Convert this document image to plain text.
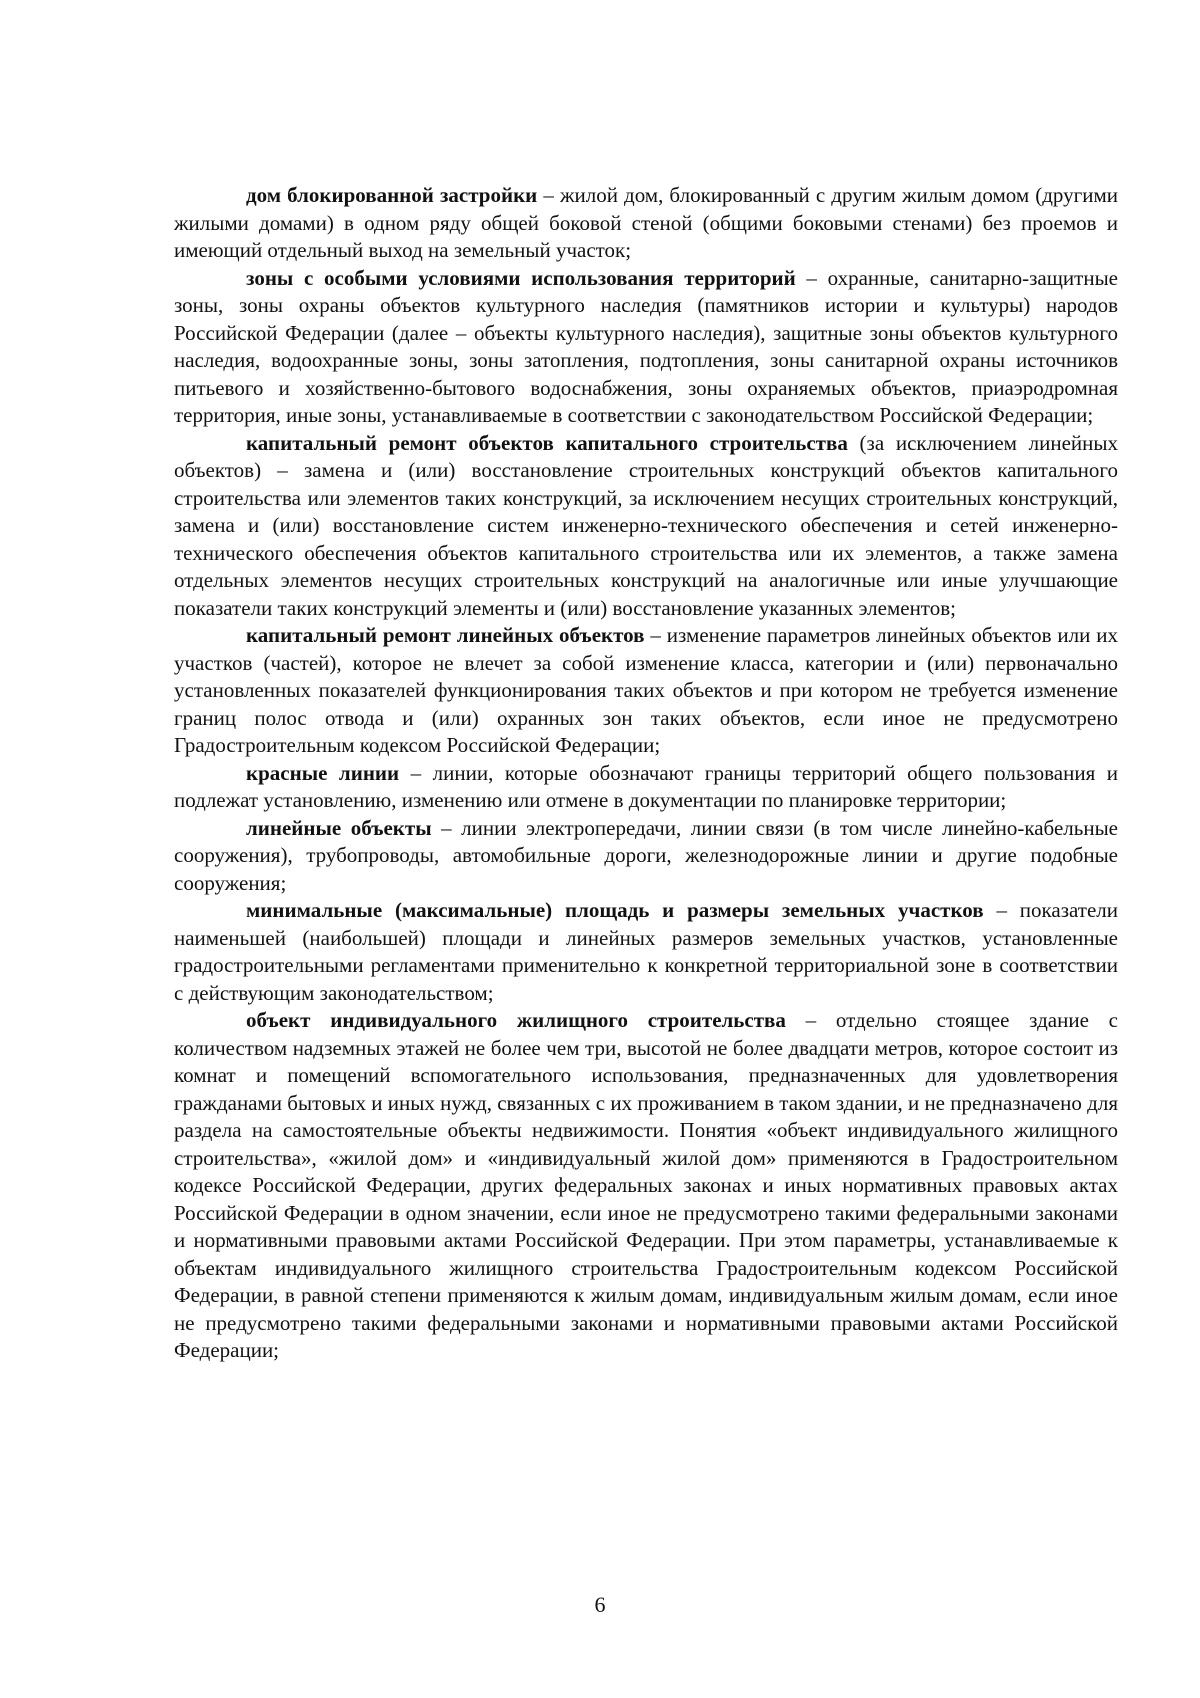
дом блокированной застройки – жилой дом, блокированный с другим жилым домом (другими жилыми домами) в одном ряду общей боковой стеной (общими боковыми стенами) без проемов и имеющий отдельный выход на земельный участок;

зоны с особыми условиями использования территорий – охранные, санитарно-защитные зоны, зоны охраны объектов культурного наследия (памятников истории и культуры) народов Российской Федерации (далее – объекты культурного наследия), защитные зоны объектов культурного наследия, водоохранные зоны, зоны затопления, подтопления, зоны санитарной охраны источников питьевого и хозяйственно-бытового водоснабжения, зоны охраняемых объектов, приаэродромная территория, иные зоны, устанавливаемые в соответствии с законодательством Российской Федерации;

капитальный ремонт объектов капитального строительства (за исключением линейных объектов) – замена и (или) восстановление строительных конструкций объектов капитального строительства или элементов таких конструкций, за исключением несущих строительных конструкций, замена и (или) восстановление систем инженерно-технического обеспечения и сетей инженерно-технического обеспечения объектов капитального строительства или их элементов, а также замена отдельных элементов несущих строительных конструкций на аналогичные или иные улучшающие показатели таких конструкций элементы и (или) восстановление указанных элементов;

капитальный ремонт линейных объектов – изменение параметров линейных объектов или их участков (частей), которое не влечет за собой изменение класса, категории и (или) первоначально установленных показателей функционирования таких объектов и при котором не требуется изменение границ полос отвода и (или) охранных зон таких объектов, если иное не предусмотрено Градостроительным кодексом Российской Федерации;

красные линии – линии, которые обозначают границы территорий общего пользования и подлежат установлению, изменению или отмене в документации по планировке территории;

линейные объекты – линии электропередачи, линии связи (в том числе линейно-кабельные сооружения), трубопроводы, автомобильные дороги, железнодорожные линии и другие подобные сооружения;

минимальные (максимальные) площадь и размеры земельных участков – показатели наименьшей (наибольшей) площади и линейных размеров земельных участков, установленные градостроительными регламентами применительно к конкретной территориальной зоне в соответствии с действующим законодательством;

объект индивидуального жилищного строительства – отдельно стоящее здание с количеством надземных этажей не более чем три, высотой не более двадцати метров, которое состоит из комнат и помещений вспомогательного использования, предназначенных для удовлетворения гражданами бытовых и иных нужд, связанных с их проживанием в таком здании, и не предназначено для раздела на самостоятельные объекты недвижимости. Понятия «объект индивидуального жилищного строительства», «жилой дом» и «индивидуальный жилой дом» применяются в Градостроительном кодексе Российской Федерации, других федеральных законах и иных нормативных правовых актах Российской Федерации в одном значении, если иное не предусмотрено такими федеральными законами и нормативными правовыми актами Российской Федерации. При этом параметры, устанавливаемые к объектам индивидуального жилищного строительства Градостроительным кодексом Российской Федерации, в равной степени применяются к жилым домам, индивидуальным жилым домам, если иное не предусмотрено такими федеральными законами и нормативными правовыми актами Российской Федерации;

6
